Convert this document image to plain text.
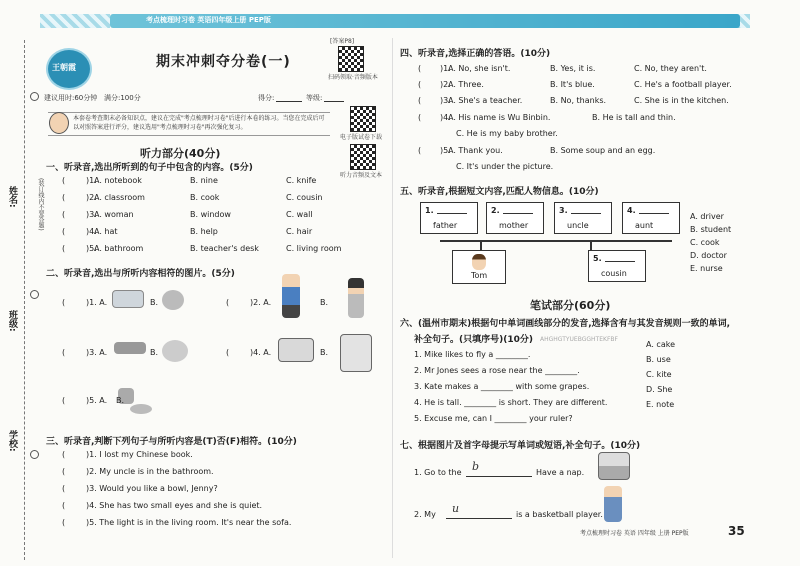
考点梳理时习卷 英语四年级上册 PEP版
姓名:
班级:
学校:
(装订线内不要答题)
王朝霞	期末冲刺夺分卷(一)
[答案P8]
扫码领取·音频版本
电子版试卷下载
听力音频及文本
建议用时:60分钟 满分:100分	得分:	等级:
本套卷考查期末必备知识点，建议在完成"考点梳理时习卷"后进行本卷的练习。当您在完成后可以对照答案进行评分，建议选用"考点梳理时习卷"再次强化复习。
听力部分(40分)
一、听录音,选出所听到的句子中包含的内容。(5分)
二、听录音,选出与所听内容相符的图片。(5分)
(	)1. A.	B.	(	)2. A.	B.
(	)3. A.	B.	(	)4. A.	B.
(	)5. A. B.
三、听录音,判断下列句子与所听内容是(T)否(F)相符。(10分)
四、听录音,选择正确的答语。(10分)
五、听录音,根据短文内容,匹配人物信息。(10分)
Tom
笔试部分(60分)
六、(温州市期末)根据句中单词画线部分的发音,选择含有与其发音规则一致的单词,
补全句子。(只填序号)(10分) AHGHGTYUEBGGHTEKFBF
七、根据图片及首字母提示写单词或短语,补全句子。(10分)
1. Go to the b	Have a nap.
2. My u	is a basketball player.
考点梳理时习卷 英语 四年级 上册 PEP版	35
(	)1.
A. notebook	B. nine	C. knife
(	)2.
A. classroom	B. cook	C. cousin
(	)3.
A. woman	B. window	C. wall
(	)4.
A. hat	B. help	C. hair
(	)5.
A. bathroom	B. teacher's desk	C. living room
(	)1. I lost my Chinese book.
(	)2. My uncle is in the bathroom.
(	)3. Would you like a bowl, Jenny?
(	)4. She has two small eyes and she is quiet.
(	)5. The light is in the living room. It's near the sofa.
( )1.
A. No, she isn't.	B. Yes, it is.	C. No, they aren't.
( )2.
A. Three.	B. It's blue.	C. He's a football player.
( )3.
A. She's a teacher.	B. No, thanks.	C. She is in the kitchen.
( )4.
A. His name is Wu Binbin.	B. He is tall and thin.
C. He is my baby brother.
( )5.
A. Thank you.	B. Some soup and an egg.
C. It's under the picture.
1.
father
2.
mother
3.
uncle
4.
aunt
5.
cousin
A. driver
B. student
C. cook
D. doctor
E. nurse
1. Mike likes to fly a ________.
2. Mr Jones sees a rose near the ________.
3. Kate makes a ________ with some grapes.
4. He is tall. ________ is short. They are different.
5. Excuse me, can I ________ your ruler?
A. cake
B. use
C. kite
D. She
E. note
